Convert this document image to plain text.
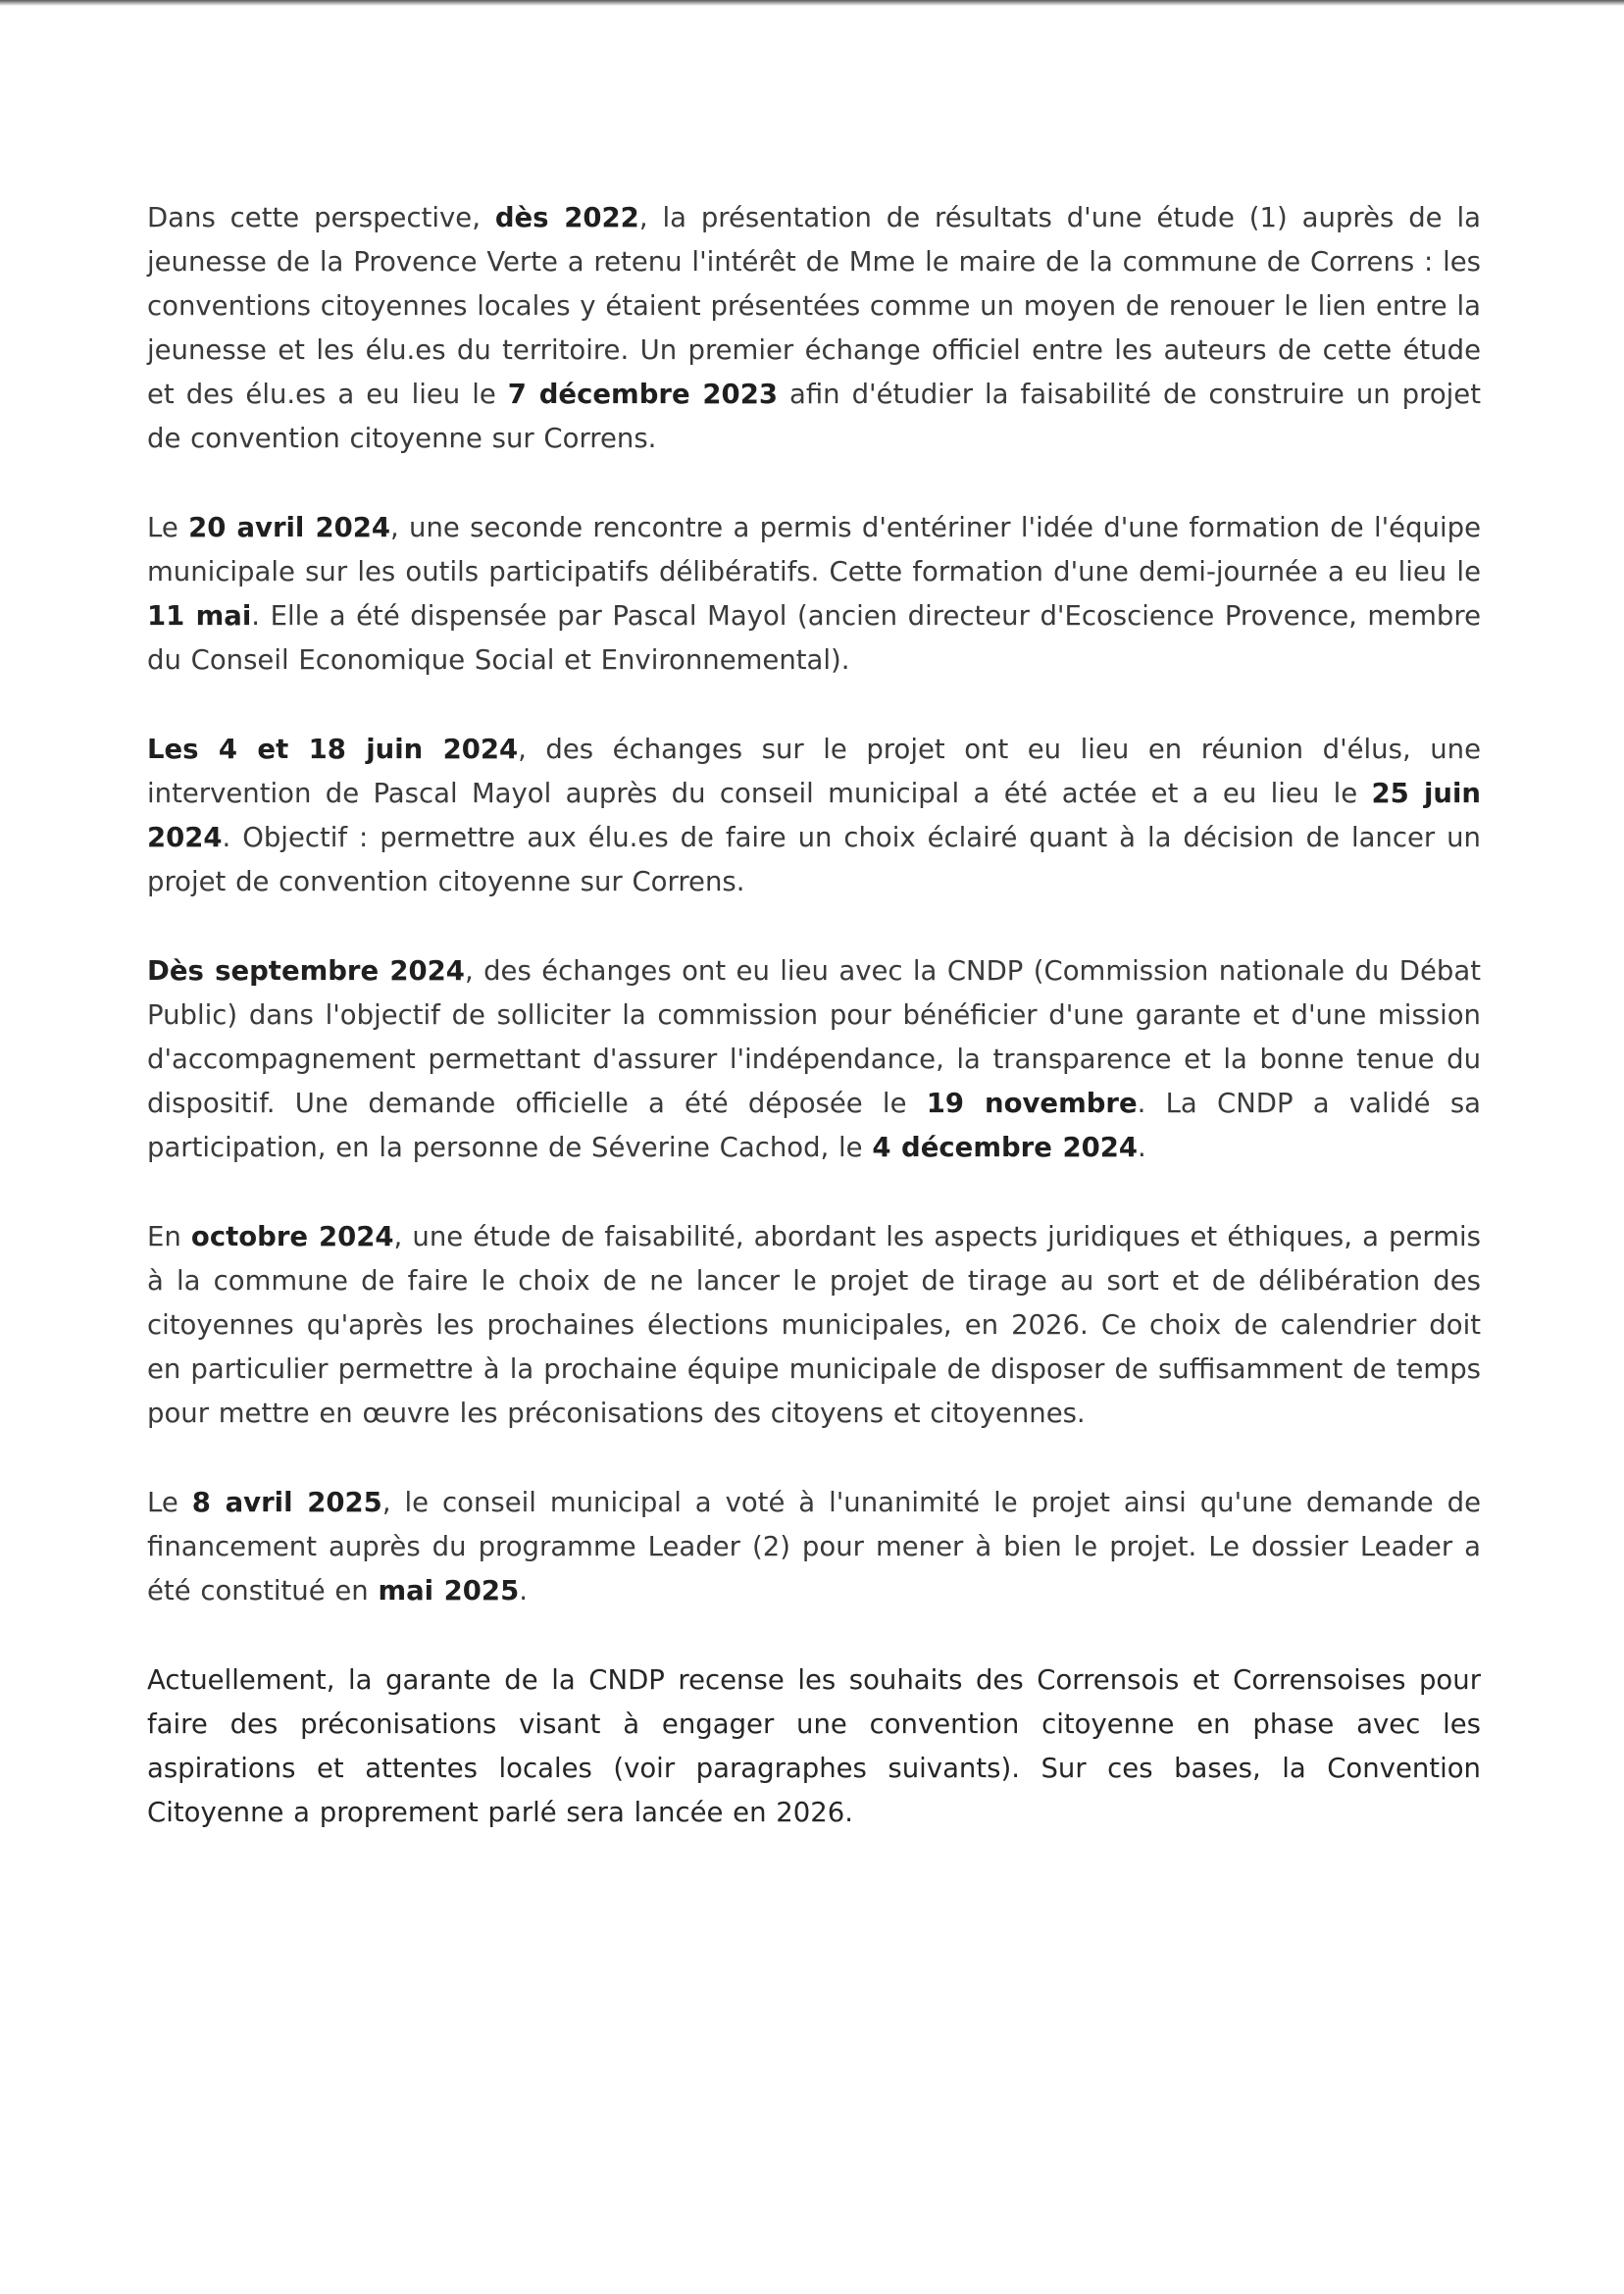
Dans cette perspective, dès 2022, la présentation de résultats d'une étude (1) auprès de la jeunesse de la Provence Verte a retenu l'intérêt de Mme le maire de la commune de Correns : les conventions citoyennes locales y étaient présentées comme un moyen de renouer le lien entre la jeunesse et les élu.es du territoire. Un premier échange officiel entre les auteurs de cette étude et des élu.es a eu lieu le 7 décembre 2023 afin d'étudier la faisabilité de construire un projet de convention citoyenne sur Correns.

Le 20 avril 2024, une seconde rencontre a permis d'entériner l'idée d'une formation de l'équipe municipale sur les outils participatifs délibératifs. Cette formation d'une demi-journée a eu lieu le 11 mai. Elle a été dispensée par Pascal Mayol (ancien directeur d'Ecoscience Provence, membre du Conseil Economique Social et Environnemental).

Les 4 et 18 juin 2024, des échanges sur le projet ont eu lieu en réunion d'élus, une intervention de Pascal Mayol auprès du conseil municipal a été actée et a eu lieu le 25 juin 2024. Objectif : permettre aux élu.es de faire un choix éclairé quant à la décision de lancer un projet de convention citoyenne sur Correns.

Dès septembre 2024, des échanges ont eu lieu avec la CNDP (Commission nationale du Débat Public) dans l'objectif de solliciter la commission pour bénéficier d'une garante et d'une mission d'accompagnement permettant d'assurer l'indépendance, la transparence et la bonne tenue du dispositif. Une demande officielle a été déposée le 19 novembre. La CNDP a validé sa participation, en la personne de Séverine Cachod, le 4 décembre 2024.

En octobre 2024, une étude de faisabilité, abordant les aspects juridiques et éthiques, a permis à la commune de faire le choix de ne lancer le projet de tirage au sort et de délibération des citoyennes qu'après les prochaines élections municipales, en 2026. Ce choix de calendrier doit en particulier permettre à la prochaine équipe municipale de disposer de suffisamment de temps pour mettre en œuvre les préconisations des citoyens et citoyennes.

Le 8 avril 2025, le conseil municipal a voté à l'unanimité le projet ainsi qu'une demande de financement auprès du programme Leader (2) pour mener à bien le projet. Le dossier Leader a été constitué en mai 2025.

Actuellement, la garante de la CNDP recense les souhaits des Corrensois et Corrensoises pour faire des préconisations visant à engager une convention citoyenne en phase avec les aspirations et attentes locales (voir paragraphes suivants). Sur ces bases, la Convention Citoyenne a proprement parlé sera lancée en 2026.
